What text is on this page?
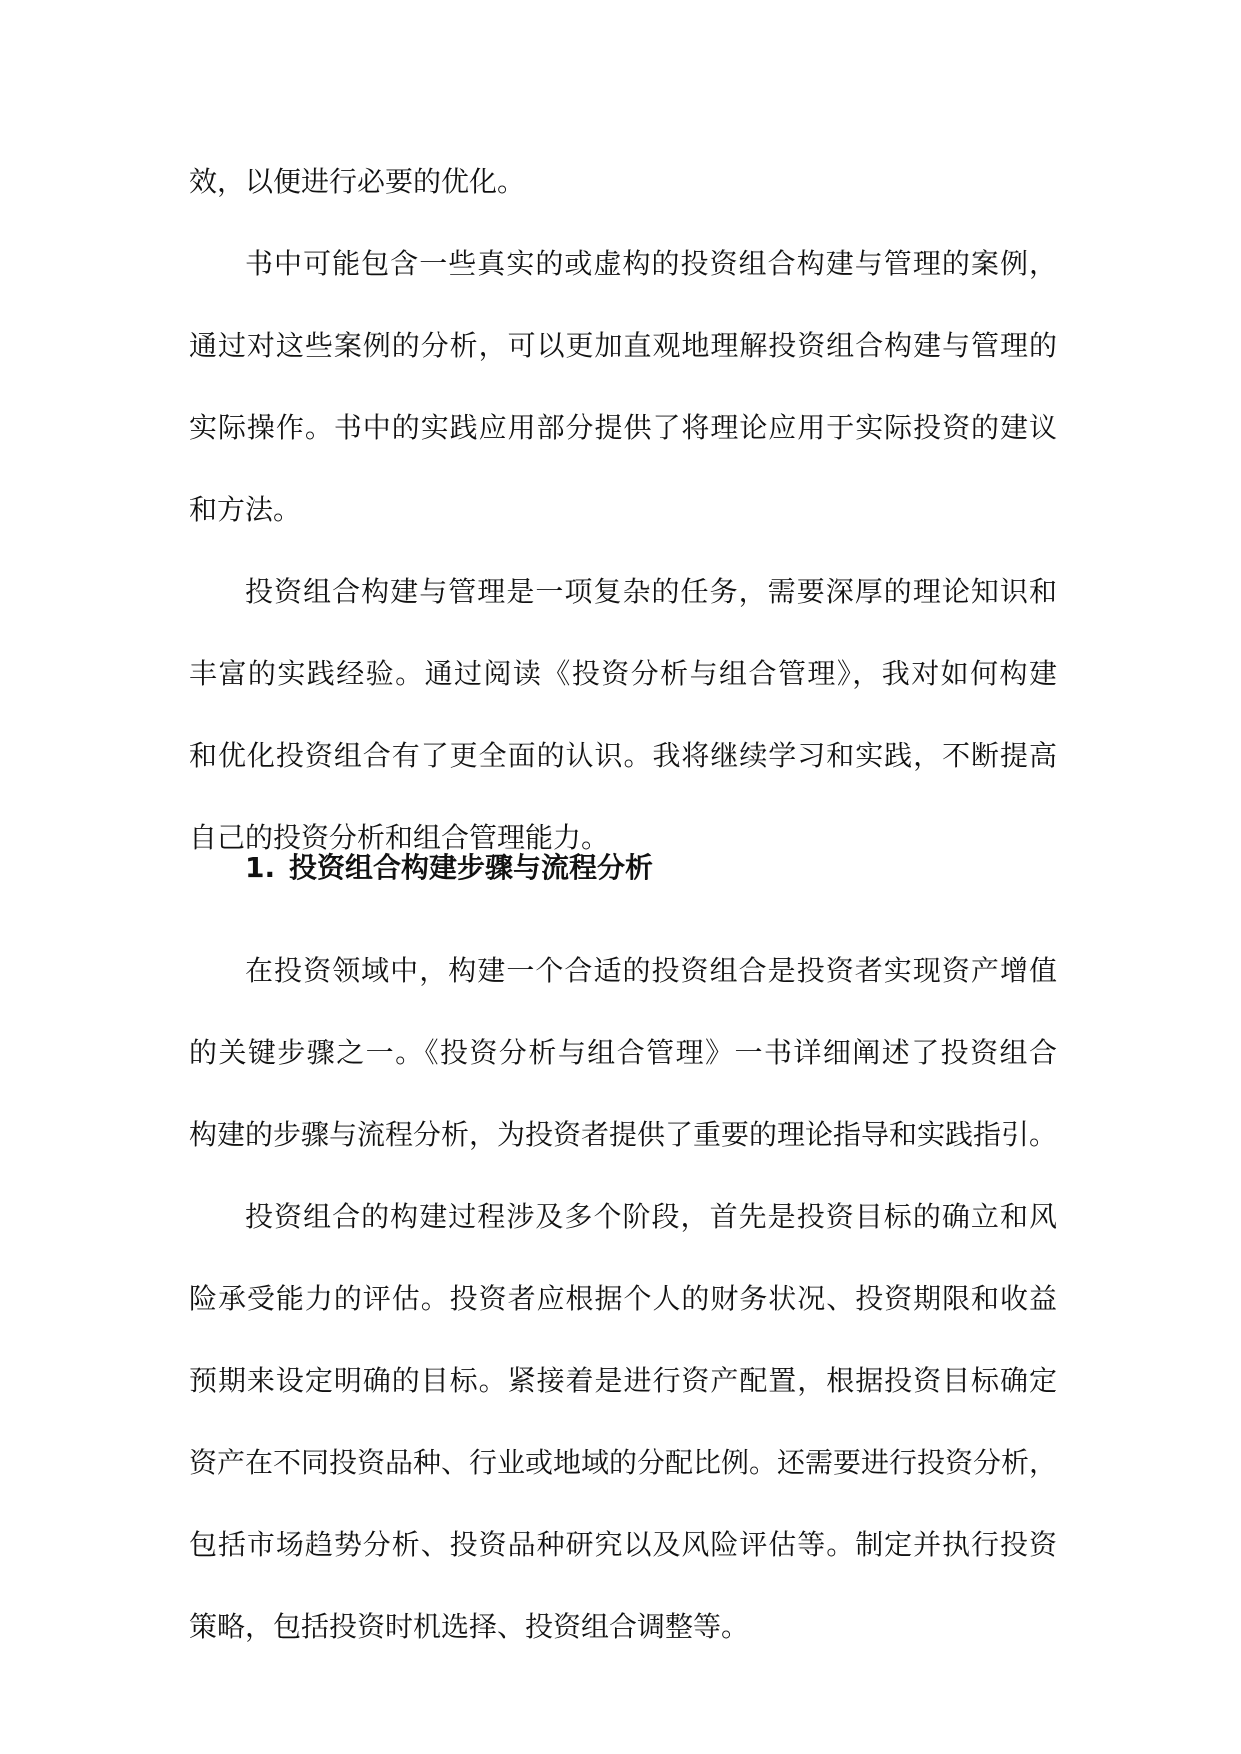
效，以便进行必要的优化。
书中可能包含一些真实的或虚构的投资组合构建与管理的案例，
通过对这些案例的分析，可以更加直观地理解投资组合构建与管理的
实际操作。书中的实践应用部分提供了将理论应用于实际投资的建议
和方法。
投资组合构建与管理是一项复杂的任务，需要深厚的理论知识和
丰富的实践经验。通过阅读《投资分析与组合管理》，我对如何构建
和优化投资组合有了更全面的认识。我将继续学习和实践，不断提高
自己的投资分析和组合管理能力。
1. 投资组合构建步骤与流程分析
在投资领域中，构建一个合适的投资组合是投资者实现资产增值
的关键步骤之一。《投资分析与组合管理》一书详细阐述了投资组合
构建的步骤与流程分析，为投资者提供了重要的理论指导和实践指引。
投资组合的构建过程涉及多个阶段，首先是投资目标的确立和风
险承受能力的评估。投资者应根据个人的财务状况、投资期限和收益
预期来设定明确的目标。紧接着是进行资产配置，根据投资目标确定
资产在不同投资品种、行业或地域的分配比例。还需要进行投资分析，
包括市场趋势分析、投资品种研究以及风险评估等。制定并执行投资
策略，包括投资时机选择、投资组合调整等。
